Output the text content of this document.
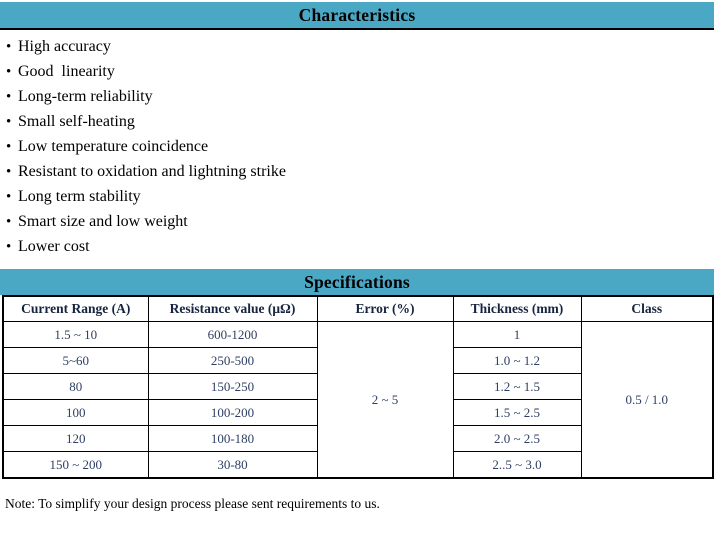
Characteristics
• High accuracy
• Good  linearity
• Long-term reliability
• Small self-heating
• Low temperature coincidence
• Resistant to oxidation and lightning strike
• Long term stability
• Smart size and low weight
• Lower cost
Specifications
Current Range (A)	Resistance value (μΩ)	Error (%)	Thickness (mm)	Class
1.5 ~ 10	600-1200	2 ~ 5	1	0.5 / 1.0
5~60	250-500		1.0 ~ 1.2	
80	150-250		1.2 ~ 1.5	
100	100-200		1.5 ~ 2.5	
120	100-180		2.0 ~ 2.5	
150 ~ 200	30-80		2..5 ~ 3.0	
Note: To simplify your design process please sent requirements to us.
